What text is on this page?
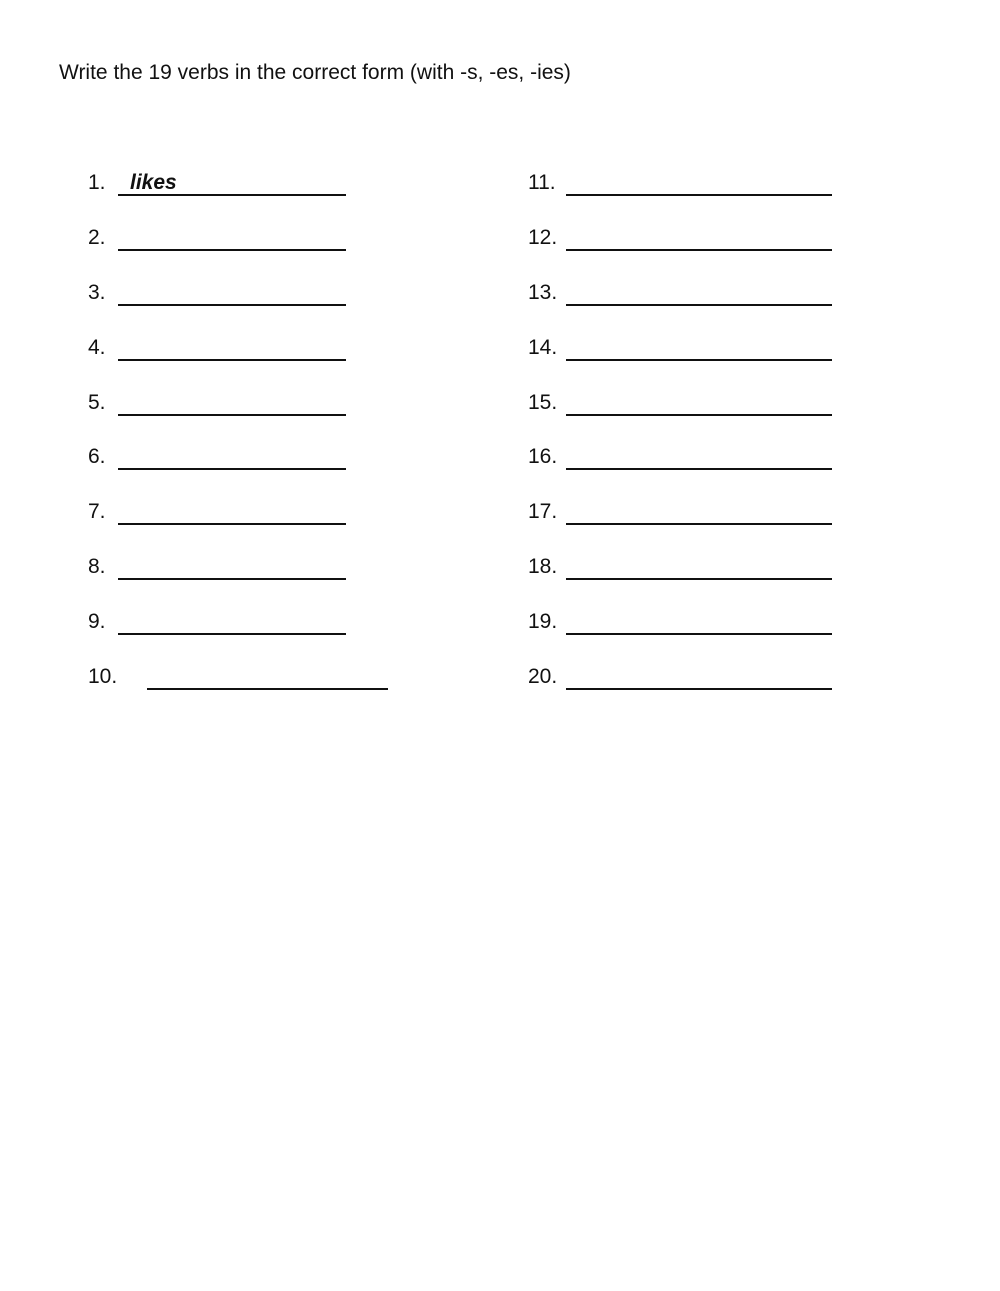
Write the 19 verbs in the correct form (with -s, -es, -ies)
1. likes
2.
3.
4.
5.
6.
7.
8.
9.
10.
11.
12.
13.
14.
15.
16.
17.
18.
19.
20.
